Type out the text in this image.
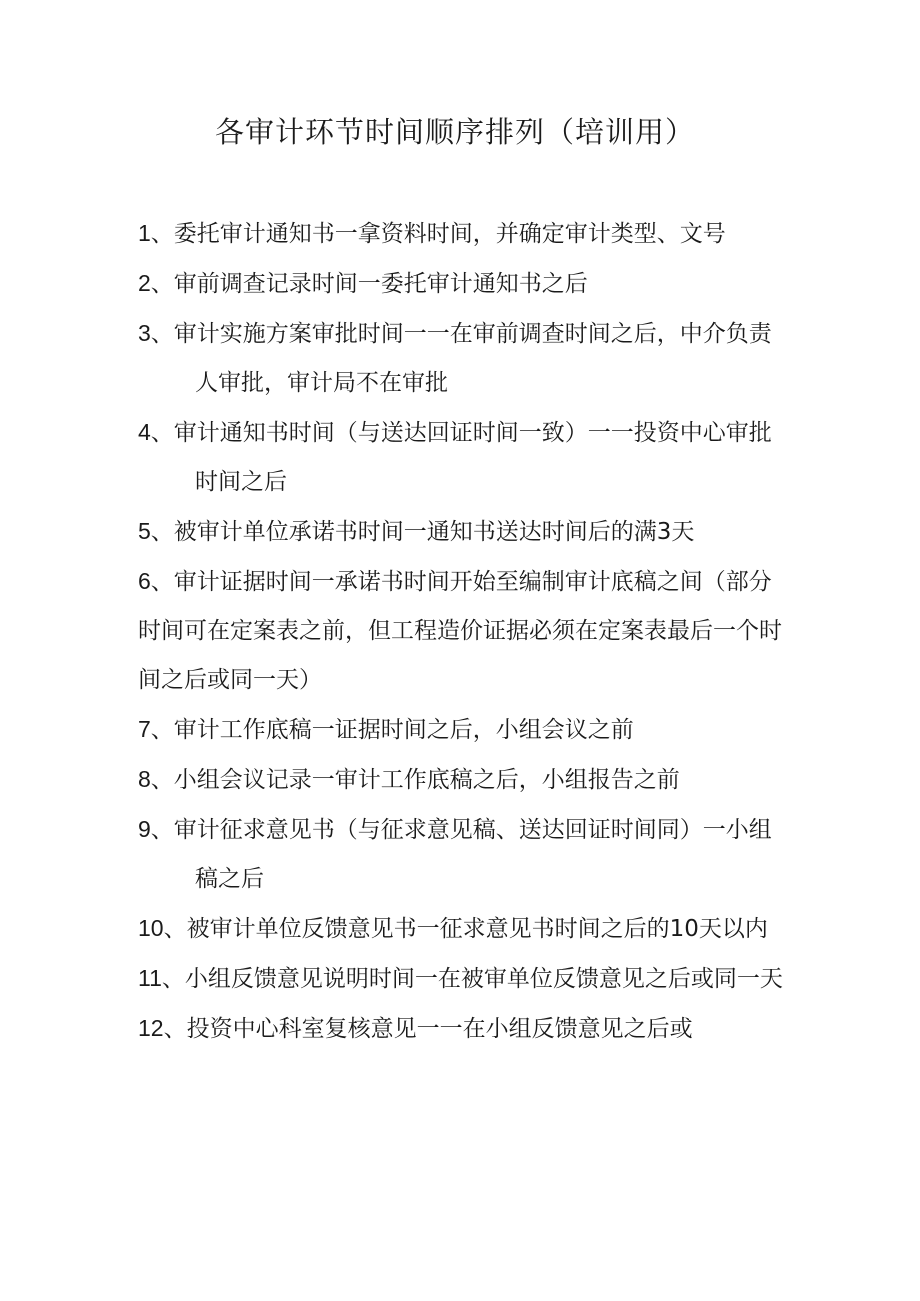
各审计环节时间顺序排列（培训用）
1、委托审计通知书一拿资料时间，并确定审计类型、文号
2、审前调查记录时间一委托审计通知书之后
3、审计实施方案审批时间一一在审前调查时间之后，中介负责人审批，审计局不在审批
4、审计通知书时间（与送达回证时间一致）一一投资中心审批时间之后
5、被审计单位承诺书时间一通知书送达时间后的满3天
6、审计证据时间一承诺书时间开始至编制审计底稿之间（部分时间可在定案表之前，但工程造价证据必须在定案表最后一个时间之后或同一天）
7、审计工作底稿一证据时间之后，小组会议之前
8、小组会议记录一审计工作底稿之后，小组报告之前
9、审计征求意见书（与征求意见稿、送达回证时间同）一小组稿之后
10、被审计单位反馈意见书一征求意见书时间之后的10天以内
11、小组反馈意见说明时间一在被审单位反馈意见之后或同一天
12、投资中心科室复核意见一一在小组反馈意见之后或
